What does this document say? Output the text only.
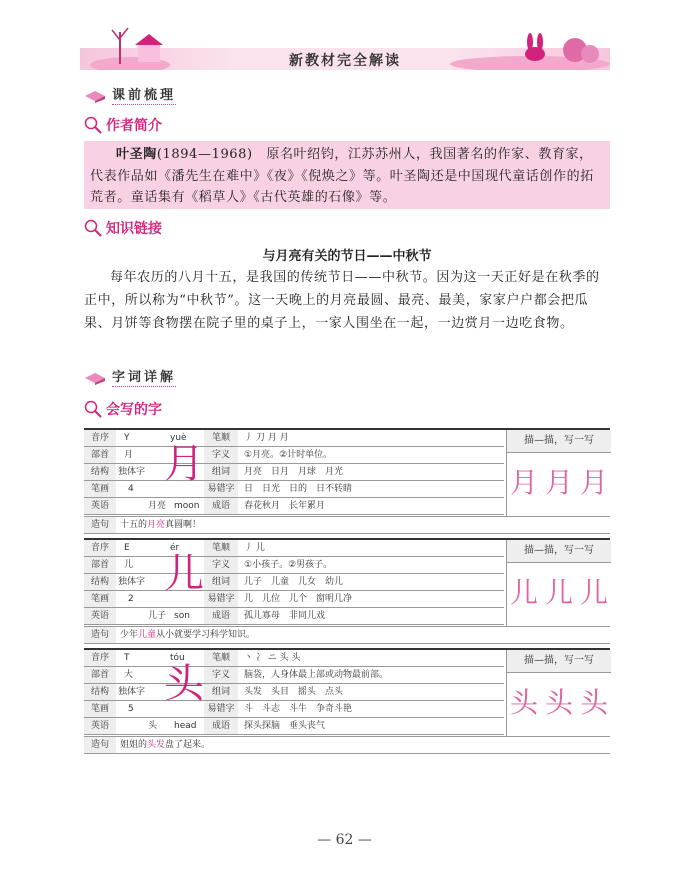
新教材完全解读
课前梳理
作者简介
叶圣陶(1894—1968)　 原名叶绍钧，江苏苏州人，我国著名的作家、教育家，代表作品如《潘先生在难中》《夜》《倪焕之》等。叶圣陶还是中国现代童话创作的拓荒者。童话集有《稻草人》《古代英雄的石像》等。
知识链接
与月亮有关的节日——中秋节
每年农历的八月十五，是我国的传统节日——中秋节。因为这一天正好是在秋季的正中，所以称为“中秋节”。这一天晚上的月亮最圆、最亮、最美，家家户户都会把瓜果、月饼等食物摆在院子里的桌子上，一家人围坐在一起，一边赏月一边吃食物。
字词详解
会写的字
音序	Y	yuè	笔顺	丿 刀 月 月
部首	月	字义	①月亮。②计时单位。
结构	独体字	组词	月亮　日月　月球　月光
笔画	4	易错字	日　日光　日的　日不转睛
英语	月亮 moon	成语	春花秋月　长年累月
月
描—描，写一写
月 月 月
造句	十五的月亮真圆啊！
音序	E	ér	笔顺	丿 儿
部首	儿	字义	①小孩子。②男孩子。
结构	独体字	组词	儿子　儿童　儿女　幼儿
笔画	2	易错字	儿　儿位　儿个　窗明几净
英语	儿子 son	成语	孤儿寡母　非同儿戏
儿
描—描，写一写
儿 儿 儿
造句	少年儿童从小就要学习科学知识。
音序	T	tóu	笔顺	丶 冫 ニ 头 头
部首	大	字义	脑袋，人身体最上部或动物最前部。
结构	独体字	组词	头发　头目　摇头　点头
笔画	5	易错字	斗　斗志　斗牛　争奇斗艳
英语	头 head	成语	探头探脑　垂头丧气
头
描—描，写一写
头 头 头
造句	姐姐的头发盘了起来。
— 62 —
